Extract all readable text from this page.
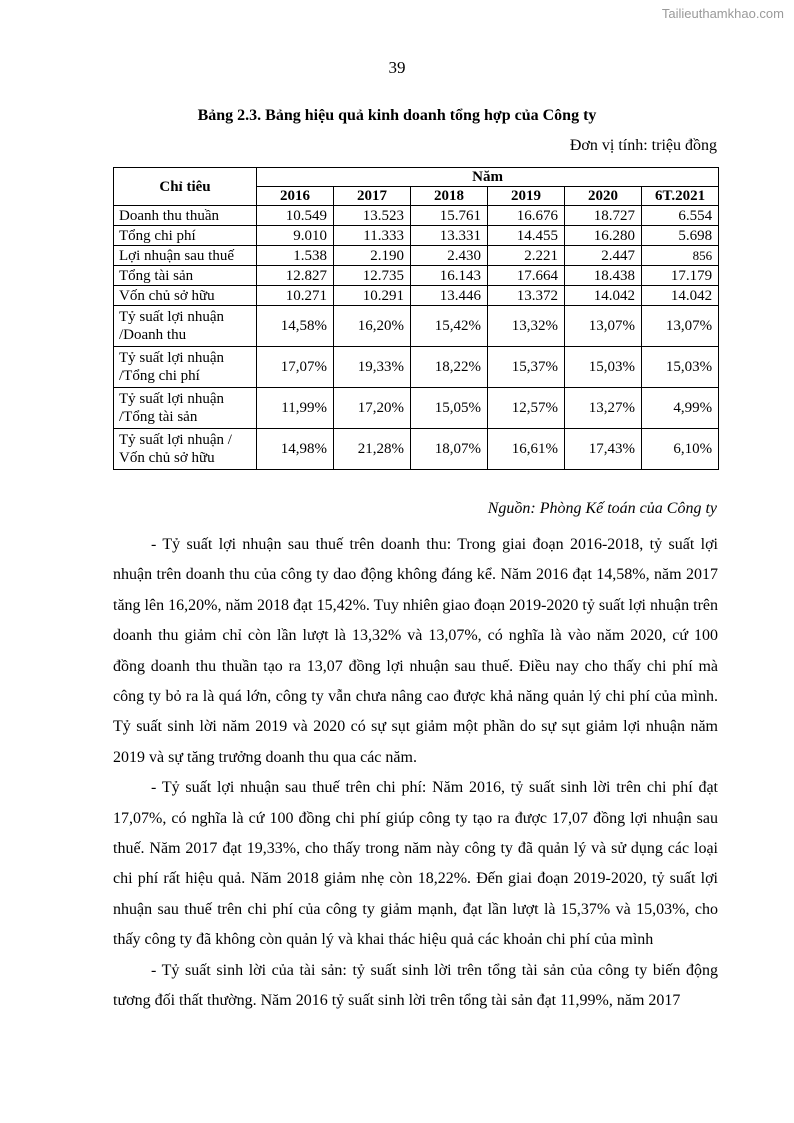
Tailieuthamkhao.com
39
Bảng 2.3. Bảng hiệu quả kinh doanh tổng hợp của Công ty
Đơn vị tính: triệu đồng
Chỉ tiêu	Năm					
	2016	2017	2018	2019	2020	6T.2021
Doanh thu thuần	10.549	13.523	15.761	16.676	18.727	6.554
Tổng chi phí	9.010	11.333	13.331	14.455	16.280	5.698
Lợi nhuận sau thuế	1.538	2.190	2.430	2.221	2.447	856
Tổng tài sản	12.827	12.735	16.143	17.664	18.438	17.179
Vốn chủ sở hữu	10.271	10.291	13.446	13.372	14.042	14.042
Tỷ suất lợi nhuận
/Doanh thu	14,58%	16,20%	15,42%	13,32%	13,07%	13,07%
Tỷ suất lợi nhuận
/Tổng chi phí	17,07%	19,33%	18,22%	15,37%	15,03%	15,03%
Tỷ suất lợi nhuận
/Tổng tài sản	11,99%	17,20%	15,05%	12,57%	13,27%	4,99%
Tỷ suất lợi nhuận /
Vốn chủ sở hữu	14,98%	21,28%	18,07%	16,61%	17,43%	6,10%
Nguồn: Phòng Kế toán của Công ty

- Tỷ suất lợi nhuận sau thuế trên doanh thu: Trong giai đoạn 2016-2018, tỷ suất lợi nhuận trên doanh thu của công ty dao động không đáng kể. Năm 2016 đạt 14,58%, năm 2017 tăng lên 16,20%, năm 2018 đạt 15,42%. Tuy nhiên giao đoạn 2019-2020 tỷ suất lợi nhuận trên doanh thu giảm chỉ còn lần lượt là 13,32% và 13,07%, có nghĩa là vào năm 2020, cứ 100 đồng doanh thu thuần tạo ra 13,07 đồng lợi nhuận sau thuế. Điều nay cho thấy chi phí mà công ty bỏ ra là quá lớn, công ty vẫn chưa nâng cao được khả năng quản lý chi phí của mình. Tỷ suất sinh lời năm 2019 và 2020 có sự sụt giảm một phần do sự sụt giảm lợi nhuận năm 2019 và sự tăng trưởng doanh thu qua các năm.

- Tỷ suất lợi nhuận sau thuế trên chi phí: Năm 2016, tỷ suất sinh lời trên chi phí đạt 17,07%, có nghĩa là cứ 100 đồng chi phí giúp công ty tạo ra được 17,07 đồng lợi nhuận sau thuế. Năm 2017 đạt 19,33%, cho thấy trong năm này công ty đã quản lý và sử dụng các loại chi phí rất hiệu quả. Năm 2018 giảm nhẹ còn 18,22%. Đến giai đoạn 2019-2020, tỷ suất lợi nhuận sau thuế trên chi phí của công ty giảm mạnh, đạt lần lượt là 15,37% và 15,03%, cho thấy công ty đã không còn quản lý và khai thác hiệu quả các khoản chi phí của mình

- Tỷ suất sinh lời của tài sản: tỷ suất sinh lời trên tổng tài sản của công ty biến động tương đối thất thường. Năm 2016 tỷ suất sinh lời trên tổng tài sản đạt 11,99%, năm 2017
